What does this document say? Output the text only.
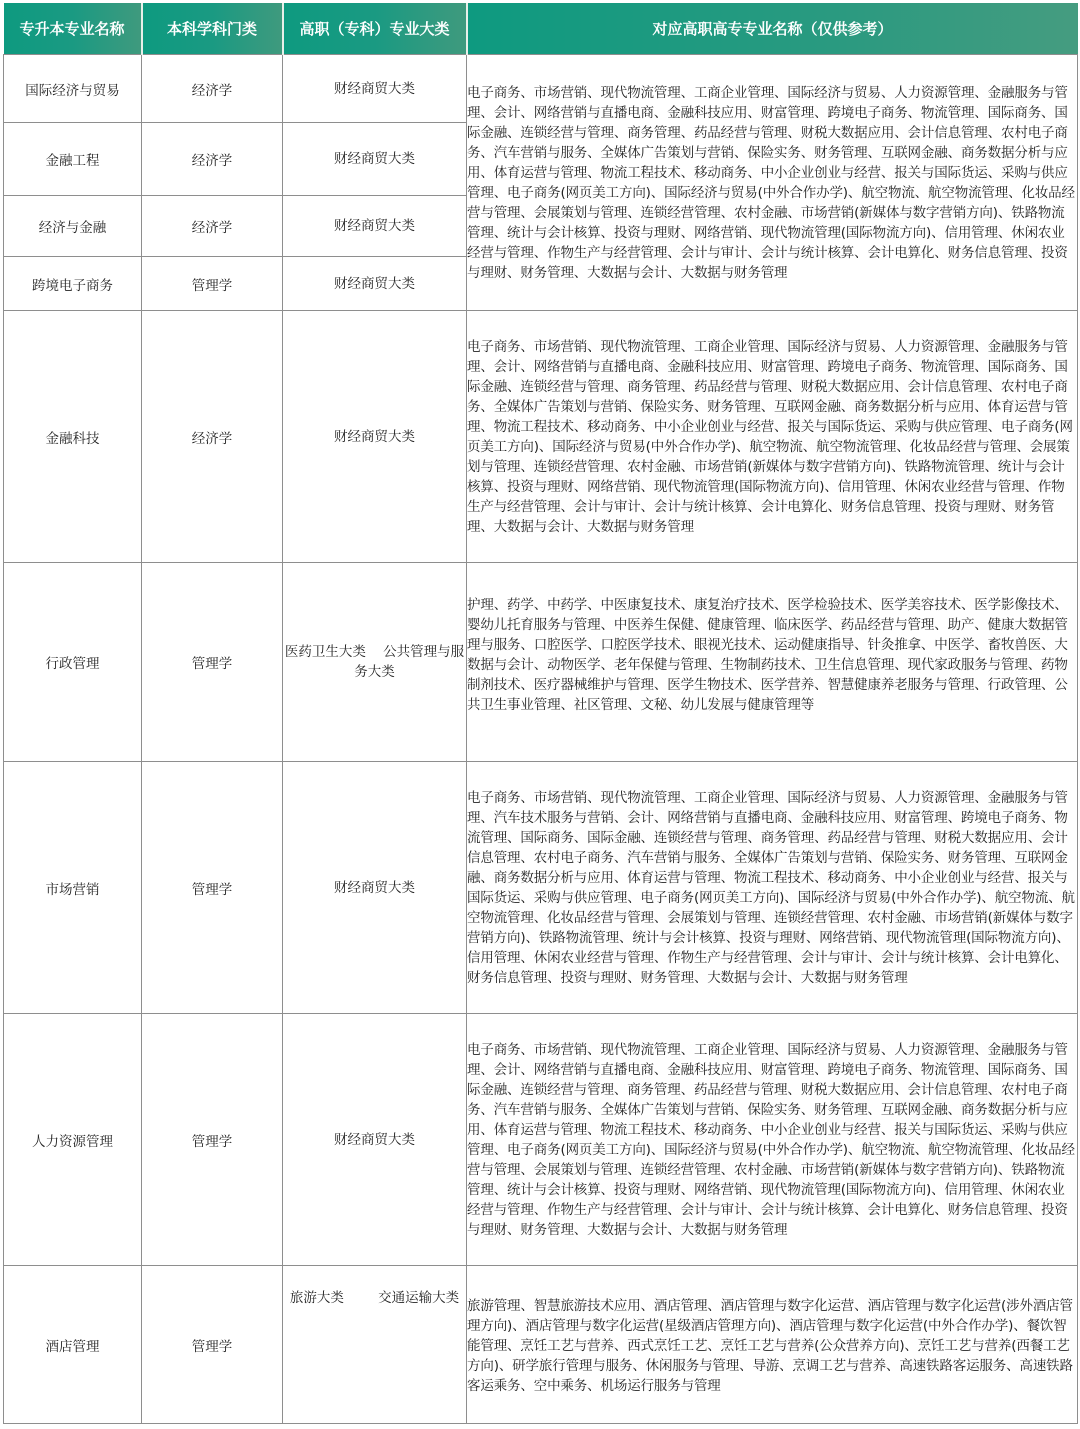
专升本专业名称	本科学科门类	高职（专科）专业大类	对应高职高专专业名称（仅供参考）
国际经济与贸易	经济学	财经商贸大类	电子商务、市场营销、现代物流管理、工商企业管理、国际经济与贸易、人力资源管理、金融服务与管理、会计、网络营销与直播电商、金融科技应用、财富管理、跨境电子商务、物流管理、国际商务、国际金融、连锁经营与管理、商务管理、药品经营与管理、财税大数据应用、会计信息管理、农村电子商务、汽车营销与服务、全媒体广告策划与营销、保险实务、财务管理、互联网金融、商务数据分析与应用、体育运营与管理、物流工程技术、移动商务、中小企业创业与经营、报关与国际货运、采购与供应管理、电子商务(网页美工方向)、国际经济与贸易(中外合作办学)、航空物流、航空物流管理、化妆品经营与管理、会展策划与管理、连锁经营管理、农村金融、市场营销(新媒体与数字营销方向)、铁路物流管理、统计与会计核算、投资与理财、网络营销、现代物流管理(国际物流方向)、信用管理、休闲农业经营与管理、作物生产与经营管理、会计与审计、会计与统计核算、会计电算化、财务信息管理、投资与理财、财务管理、大数据与会计、大数据与财务管理
金融工程	经济学	财经商贸大类	
经济与金融	经济学	财经商贸大类	
跨境电子商务	管理学	财经商贸大类	
金融科技	经济学	财经商贸大类	电子商务、市场营销、现代物流管理、工商企业管理、国际经济与贸易、人力资源管理、金融服务与管理、会计、网络营销与直播电商、金融科技应用、财富管理、跨境电子商务、物流管理、国际商务、国际金融、连锁经营与管理、商务管理、药品经营与管理、财税大数据应用、会计信息管理、农村电子商务、全媒体广告策划与营销、保险实务、财务管理、互联网金融、商务数据分析与应用、体育运营与管理、物流工程技术、移动商务、中小企业创业与经营、报关与国际货运、采购与供应管理、电子商务(网页美工方向)、国际经济与贸易(中外合作办学)、航空物流、航空物流管理、化妆品经营与管理、会展策划与管理、连锁经营管理、农村金融、市场营销(新媒体与数字营销方向)、铁路物流管理、统计与会计核算、投资与理财、网络营销、现代物流管理(国际物流方向)、信用管理、休闲农业经营与管理、作物生产与经营管理、会计与审计、会计与统计核算、会计电算化、财务信息管理、投资与理财、财务管理、大数据与会计、大数据与财务管理
行政管理	管理学	医药卫生大类    公共管理与服务大类	护理、药学、中药学、中医康复技术、康复治疗技术、医学检验技术、医学美容技术、医学影像技术、婴幼儿托育服务与管理、中医养生保健、健康管理、临床医学、药品经营与管理、助产、健康大数据管理与服务、口腔医学、口腔医学技术、眼视光技术、运动健康指导、针灸推拿、中医学、畜牧兽医、大数据与会计、动物医学、老年保健与管理、生物制药技术、卫生信息管理、现代家政服务与管理、药物制剂技术、医疗器械维护与管理、医学生物技术、医学营养、智慧健康养老服务与管理、行政管理、公共卫生事业管理、社区管理、文秘、幼儿发展与健康管理等
市场营销	管理学	财经商贸大类	电子商务、市场营销、现代物流管理、工商企业管理、国际经济与贸易、人力资源管理、金融服务与管理、汽车技术服务与营销、会计、网络营销与直播电商、金融科技应用、财富管理、跨境电子商务、物流管理、国际商务、国际金融、连锁经营与管理、商务管理、药品经营与管理、财税大数据应用、会计信息管理、农村电子商务、汽车营销与服务、全媒体广告策划与营销、保险实务、财务管理、互联网金融、商务数据分析与应用、体育运营与管理、物流工程技术、移动商务、中小企业创业与经营、报关与国际货运、采购与供应管理、电子商务(网页美工方向)、国际经济与贸易(中外合作办学)、航空物流、航空物流管理、化妆品经营与管理、会展策划与管理、连锁经营管理、农村金融、市场营销(新媒体与数字营销方向)、铁路物流管理、统计与会计核算、投资与理财、网络营销、现代物流管理(国际物流方向)、信用管理、休闲农业经营与管理、作物生产与经营管理、会计与审计、会计与统计核算、会计电算化、财务信息管理、投资与理财、财务管理、大数据与会计、大数据与财务管理
人力资源管理	管理学	财经商贸大类	电子商务、市场营销、现代物流管理、工商企业管理、国际经济与贸易、人力资源管理、金融服务与管理、会计、网络营销与直播电商、金融科技应用、财富管理、跨境电子商务、物流管理、国际商务、国际金融、连锁经营与管理、商务管理、药品经营与管理、财税大数据应用、会计信息管理、农村电子商务、汽车营销与服务、全媒体广告策划与营销、保险实务、财务管理、互联网金融、商务数据分析与应用、体育运营与管理、物流工程技术、移动商务、中小企业创业与经营、报关与国际货运、采购与供应管理、电子商务(网页美工方向)、国际经济与贸易(中外合作办学)、航空物流、航空物流管理、化妆品经营与管理、会展策划与管理、连锁经营管理、农村金融、市场营销(新媒体与数字营销方向)、铁路物流管理、统计与会计核算、投资与理财、网络营销、现代物流管理(国际物流方向)、信用管理、休闲农业经营与管理、作物生产与经营管理、会计与审计、会计与统计核算、会计电算化、财务信息管理、投资与理财、财务管理、大数据与会计、大数据与财务管理
酒店管理	管理学	旅游大类        交通运输大类	旅游管理、智慧旅游技术应用、酒店管理、酒店管理与数字化运营、酒店管理与数字化运营(涉外酒店管理方向)、酒店管理与数字化运营(星级酒店管理方向)、酒店管理与数字化运营(中外合作办学)、餐饮智能管理、烹饪工艺与营养、西式烹饪工艺、烹饪工艺与营养(公众营养方向)、烹饪工艺与营养(西餐工艺方向)、研学旅行管理与服务、休闲服务与管理、导游、烹调工艺与营养、高速铁路客运服务、高速铁路客运乘务、空中乘务、机场运行服务与管理
